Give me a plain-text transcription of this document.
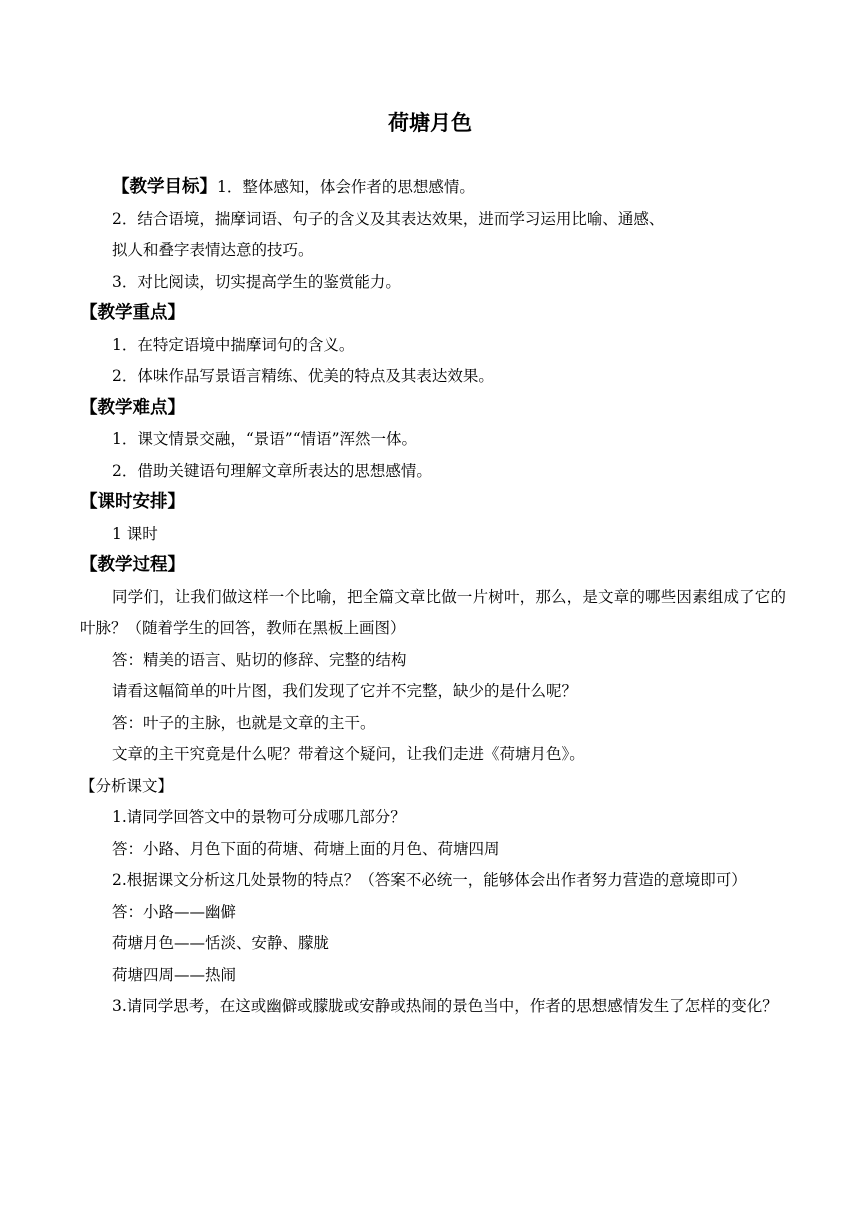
荷塘月色
【教学目标】1．整体感知，体会作者的思想感情。
2．结合语境，揣摩词语、句子的含义及其表达效果，进而学习运用比喻、通感、
拟人和叠字表情达意的技巧。
3．对比阅读，切实提高学生的鉴赏能力。
【教学重点】
1．在特定语境中揣摩词句的含义。
2．体味作品写景语言精练、优美的特点及其表达效果。
【教学难点】
1．课文情景交融，“景语”“情语”浑然一体。
2．借助关键语句理解文章所表达的思想感情。
【课时安排】
1 课时
【教学过程】
同学们，让我们做这样一个比喻，把全篇文章比做一片树叶，那么，是文章的哪些因素组成了它的叶脉？（随着学生的回答，教师在黑板上画图）
答：精美的语言、贴切的修辞、完整的结构
请看这幅简单的叶片图，我们发现了它并不完整，缺少的是什么呢？
答：叶子的主脉，也就是文章的主干。
文章的主干究竟是什么呢？带着这个疑问，让我们走进《荷塘月色》。
【分析课文】
1.请同学回答文中的景物可分成哪几部分？
答：小路、月色下面的荷塘、荷塘上面的月色、荷塘四周
2.根据课文分析这几处景物的特点？（答案不必统一，能够体会出作者努力营造的意境即可）
答：小路——幽僻
荷塘月色——恬淡、安静、朦胧
荷塘四周——热闹
3.请同学思考，在这或幽僻或朦胧或安静或热闹的景色当中，作者的思想感情发生了怎样的变化？
